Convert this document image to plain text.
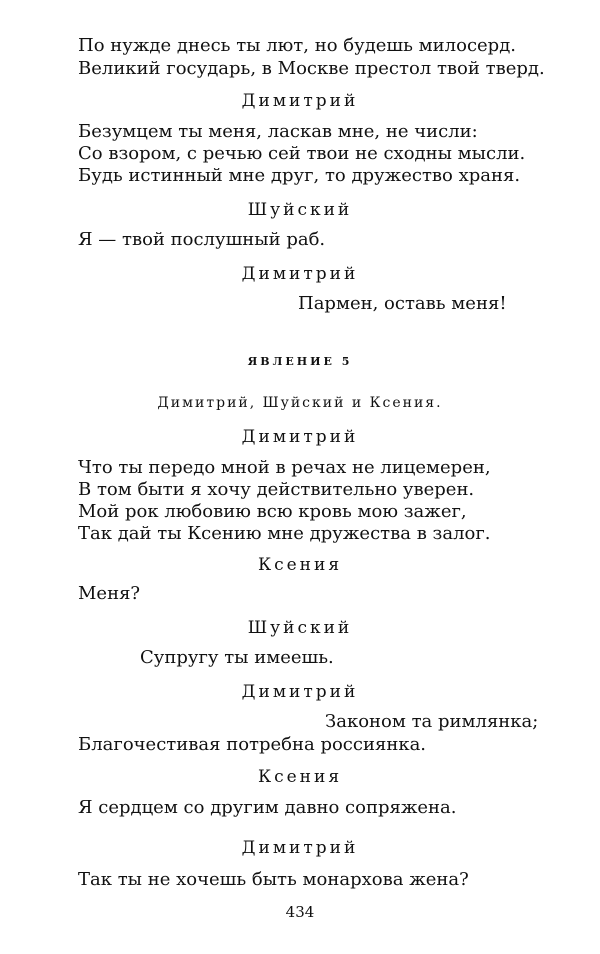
По нужде днесь ты лют, но будешь милосерд.
Великий государь, в Москве престол твой тверд.
Димитрий
Безумцем ты меня, ласкав мне, не числи:
Со взором, с речью сей твои не сходны мысли.
Будь истинный мне друг, то дружество храня.
Шуйский
Я — твой послушный раб.
Димитрий
Пармен, оставь меня!
ЯВЛЕНИЕ 5
Димитрий, Шуйский и Ксения.
Димитрий
Что ты передо мной в речах не лицемерен,
В том быти я хочу действительно уверен.
Мой рок любовию всю кровь мою зажег,
Так дай ты Ксению мне дружества в залог.
Ксения
Меня?
Шуйский
Супругу ты имеешь.
Димитрий
Законом та римлянка;
Благочестивая потребна россиянка.
Ксения
Я сердцем со другим давно сопряжена.
Димитрий
Так ты не хочешь быть монархова жена?
434
